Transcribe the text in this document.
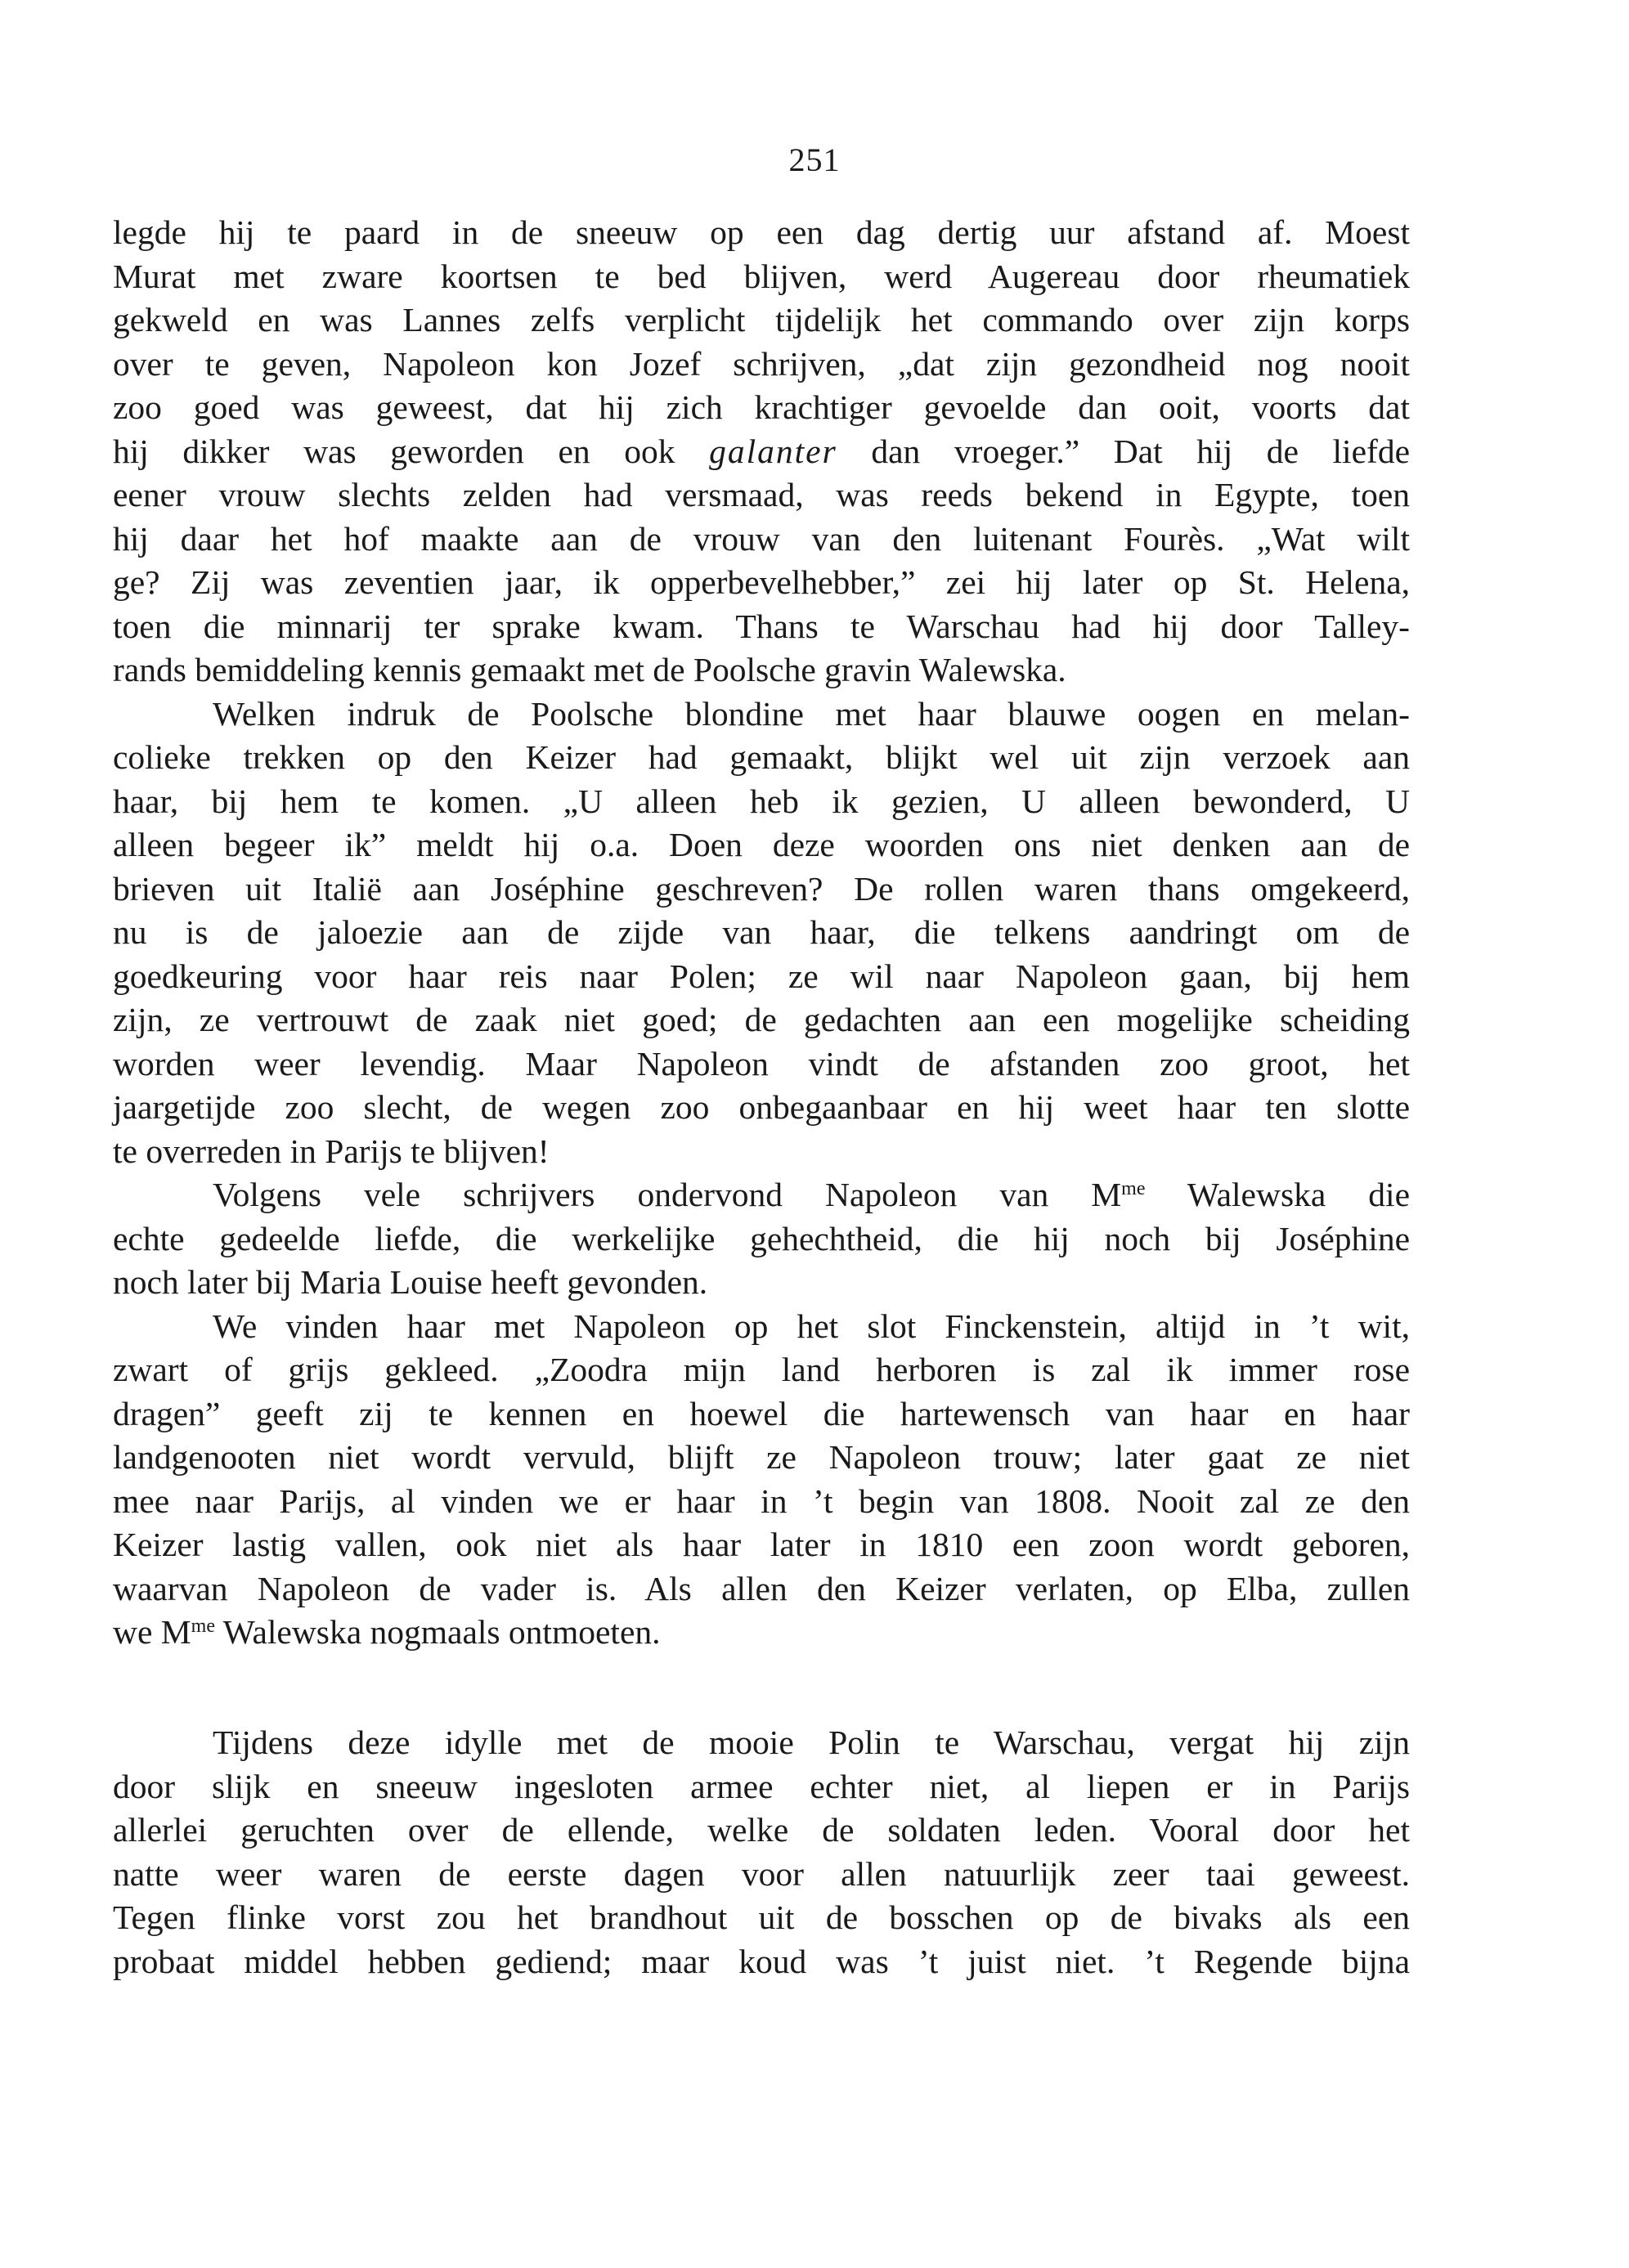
251
legde hij te paard in de sneeuw op een dag dertig uur afstand af. Moest
Murat met zware koortsen te bed blijven, werd Augereau door rheumatiek
gekweld en was Lannes zelfs verplicht tijdelijk het commando over zijn korps
over te geven, Napoleon kon Jozef schrijven, „dat zijn gezondheid nog nooit
zoo goed was geweest, dat hij zich krachtiger gevoelde dan ooit, voorts dat
hij dikker was geworden en ook galanter dan vroeger.” Dat hij de liefde
eener vrouw slechts zelden had versmaad, was reeds bekend in Egypte, toen
hij daar het hof maakte aan de vrouw van den luitenant Fourès. „Wat wilt
ge? Zij was zeventien jaar, ik opperbevelhebber,” zei hij later op St. Helena,
toen die minnarij ter sprake kwam. Thans te Warschau had hij door Talley-
rands bemiddeling kennis gemaakt met de Poolsche gravin Walewska.
Welken indruk de Poolsche blondine met haar blauwe oogen en melan-
colieke trekken op den Keizer had gemaakt, blijkt wel uit zijn verzoek aan
haar, bij hem te komen. „U alleen heb ik gezien, U alleen bewonderd, U
alleen begeer ik” meldt hij o.a. Doen deze woorden ons niet denken aan de
brieven uit Italië aan Joséphine geschreven? De rollen waren thans omgekeerd,
nu is de jaloezie aan de zijde van haar, die telkens aandringt om de
goedkeuring voor haar reis naar Polen; ze wil naar Napoleon gaan, bij hem
zijn, ze vertrouwt de zaak niet goed; de gedachten aan een mogelijke scheiding
worden weer levendig. Maar Napoleon vindt de afstanden zoo groot, het
jaargetijde zoo slecht, de wegen zoo onbegaanbaar en hij weet haar ten slotte
te overreden in Parijs te blijven!
Volgens vele schrijvers ondervond Napoleon van $M^{me}$ Walewska die
echte gedeelde liefde, die werkelijke gehechtheid, die hij noch bij Joséphine
noch later bij Maria Louise heeft gevonden.
We vinden haar met Napoleon op het slot Finckenstein, altijd in ’t wit,
zwart of grijs gekleed. „Zoodra mijn land herboren is zal ik immer rose
dragen” geeft zij te kennen en hoewel die hartewensch van haar en haar
landgenooten niet wordt vervuld, blijft ze Napoleon trouw; later gaat ze niet
mee naar Parijs, al vinden we er haar in ’t begin van 1808. Nooit zal ze den
Keizer lastig vallen, ook niet als haar later in 1810 een zoon wordt geboren,
waarvan Napoleon de vader is. Als allen den Keizer verlaten, op Elba, zullen
we $M^{me}$ Walewska nogmaals ontmoeten.
Tijdens deze idylle met de mooie Polin te Warschau, vergat hij zijn
door slijk en sneeuw ingesloten armee echter niet, al liepen er in Parijs
allerlei geruchten over de ellende, welke de soldaten leden. Vooral door het
natte weer waren de eerste dagen voor allen natuurlijk zeer taai geweest.
Tegen flinke vorst zou het brandhout uit de bosschen op de bivaks als een
probaat middel hebben gediend; maar koud was ’t juist niet. ’t Regende bijna
